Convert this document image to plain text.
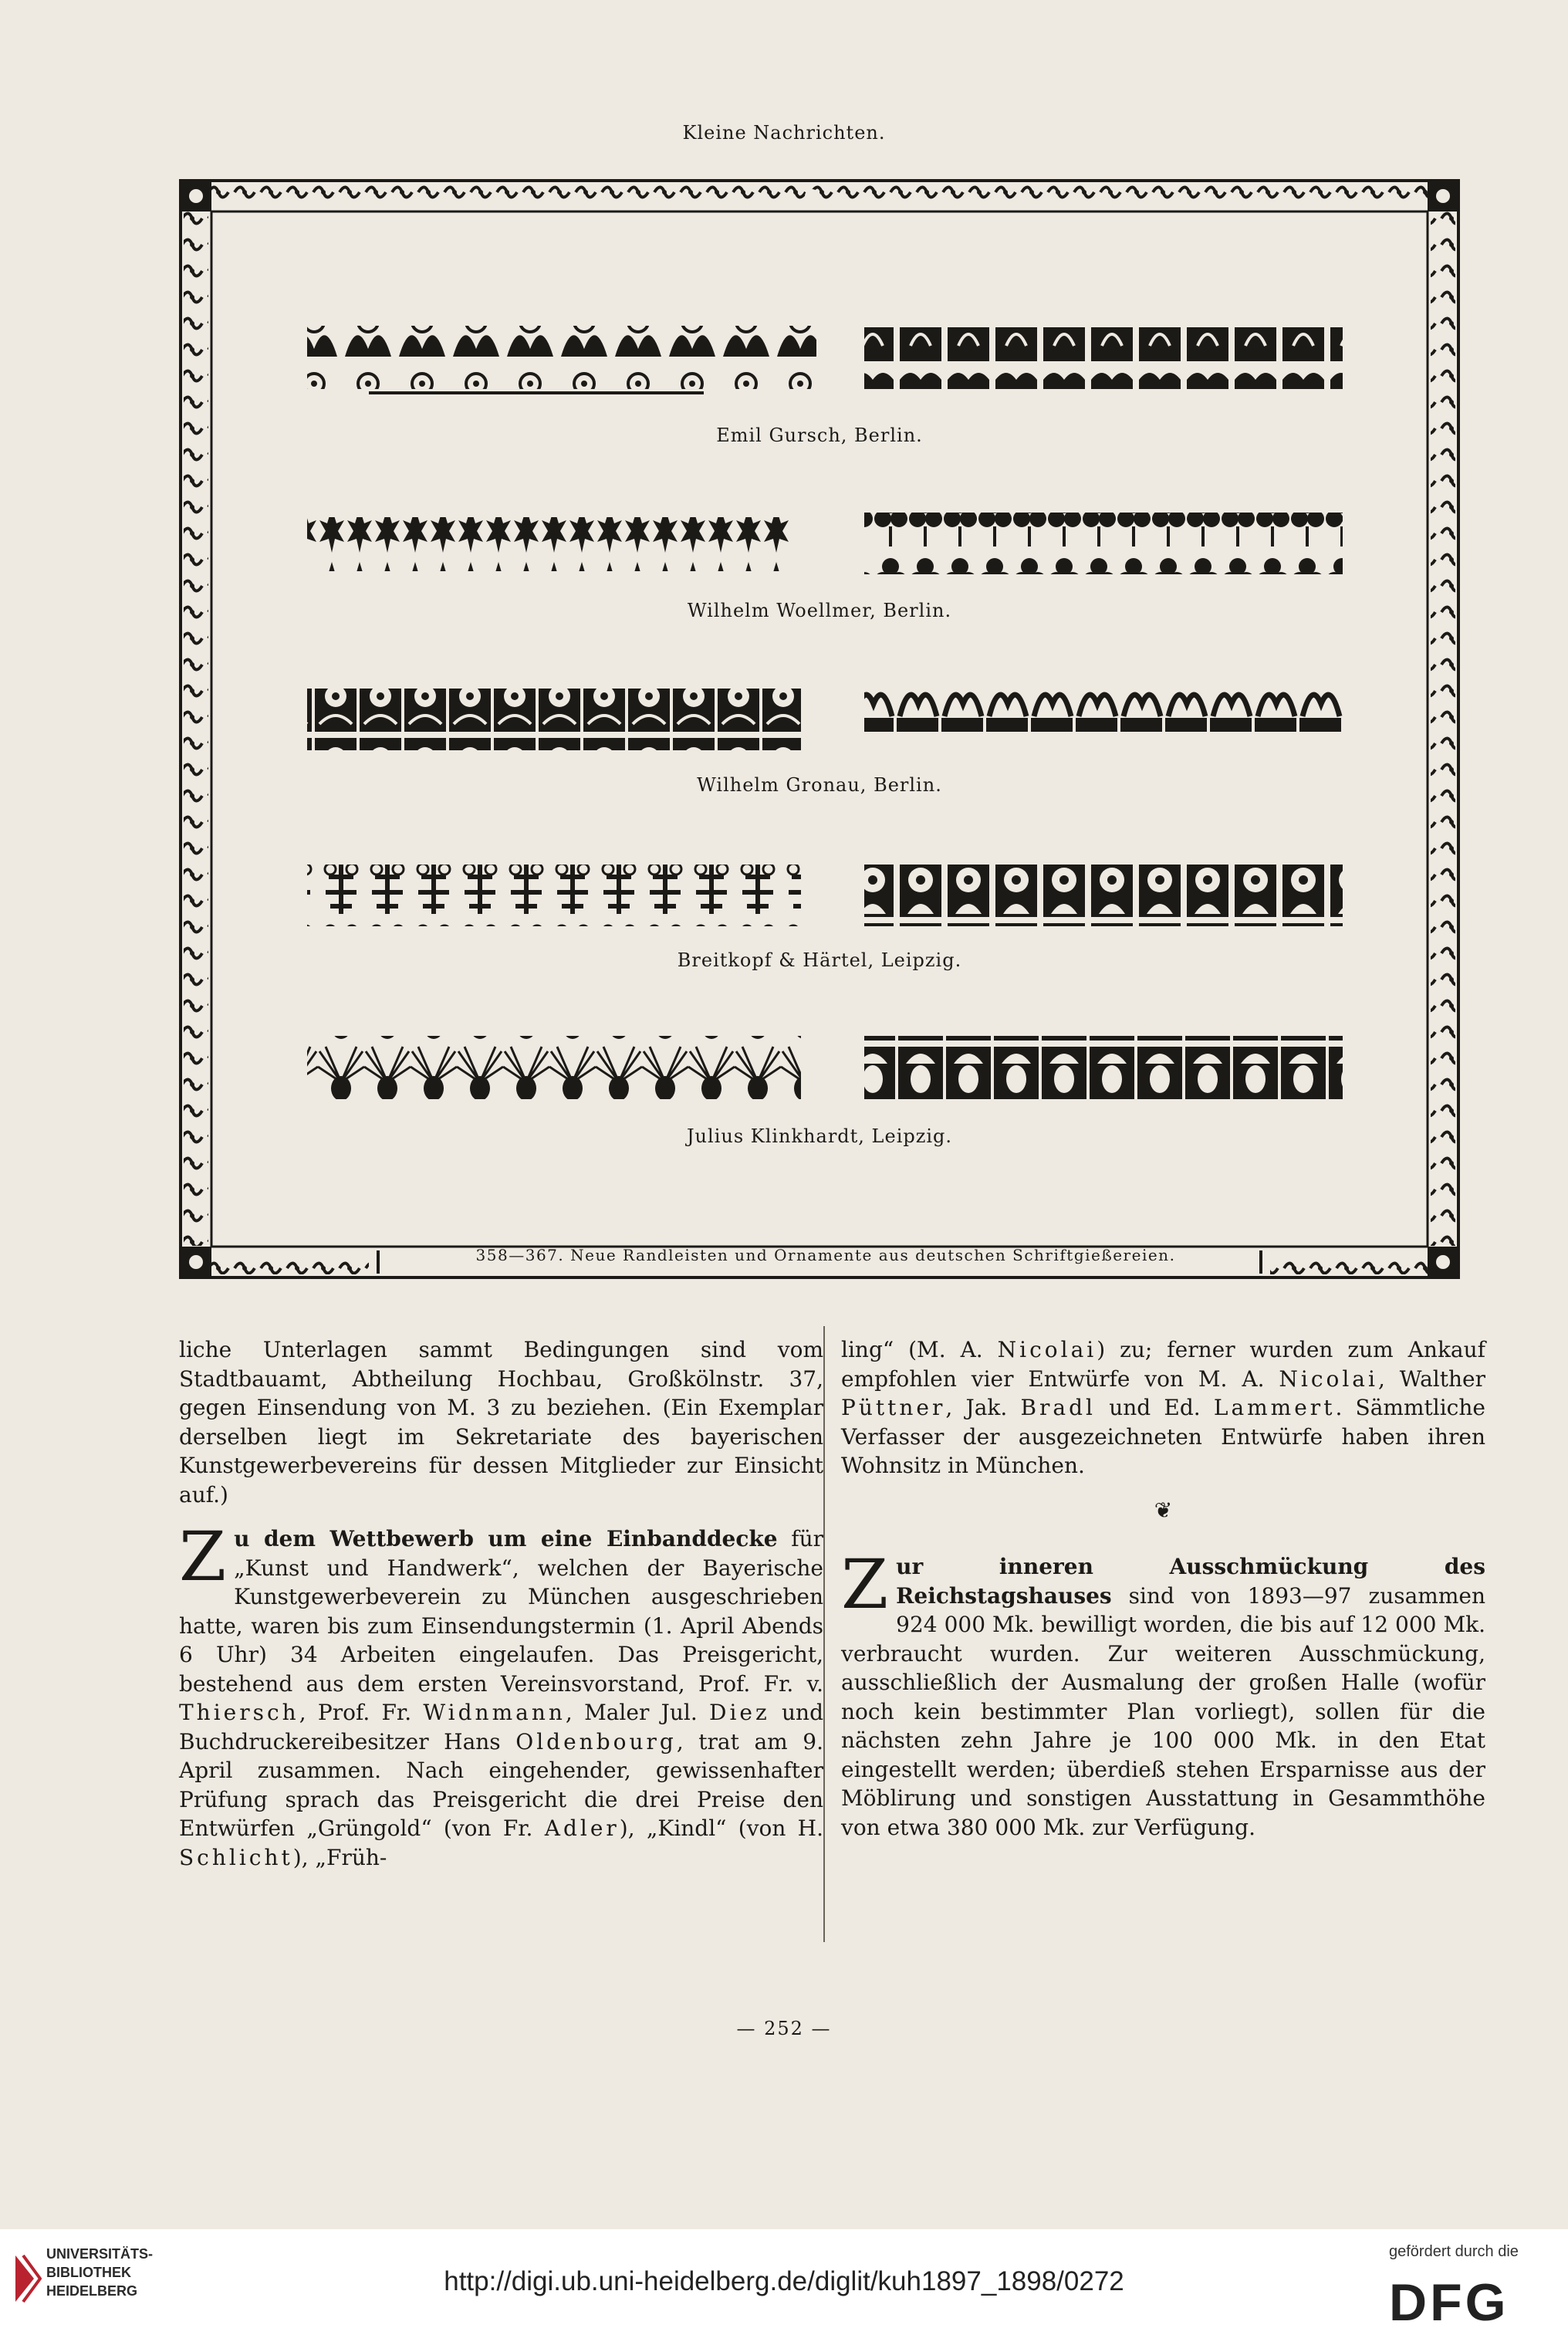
Kleine Nachrichten.
Emil Gursch, Berlin.
Wilhelm Woellmer, Berlin.
Wilhelm Gronau, Berlin.
Breitkopf & Härtel, Leipzig.
Julius Klinkhardt, Leipzig.
358—367. Neue Randleisten und Ornamente aus deutschen Schriftgießereien.

liche Unterlagen sammt Bedingungen sind vom Stadtbauamt, Abtheilung Hochbau, Großkölnstr. 37, gegen Einsendung von M. 3 zu beziehen. (Ein Exemplar derselben liegt im Sekretariate des bayerischen Kunstgewerbevereins für dessen Mitglieder zur Einsicht auf.)

Zu dem Wettbewerb um eine Einbanddecke für „Kunst und Handwerk“, welchen der Bayerische Kunstgewerbeverein zu München ausgeschrieben hatte, waren bis zum Einsendungstermin (1. April Abends 6 Uhr) 34 Arbeiten eingelaufen. Das Preisgericht, bestehend aus dem ersten Vereinsvorstand, Prof. Fr. v. Thiersch, Prof. Fr. Widnmann, Maler Jul. Diez und Buchdruckereibesitzer Hans Oldenbourg, trat am 9. April zusammen. Nach eingehender, gewissenhafter Prüfung sprach das Preisgericht die drei Preise den Entwürfen „Grüngold“ (von Fr. Adler), „Kindl“ (von H. Schlicht), „Früh-

ling“ (M. A. Nicolai) zu; ferner wurden zum Ankauf empfohlen vier Entwürfe von M. A. Nicolai, Walther Püttner, Jak. Bradl und Ed. Lammert. Sämmtliche Verfasser der ausgezeichneten Entwürfe haben ihren Wohnsitz in München.

❦

Zur inneren Ausschmückung des Reichstagshauses sind von 1893—97 zusammen 924 000 Mk. bewilligt worden, die bis auf 12 000 Mk. verbraucht wurden. Zur weiteren Ausschmückung, ausschließlich der Ausmalung der großen Halle (wofür noch kein bestimmter Plan vorliegt), sollen für die nächsten zehn Jahre je 100 000 Mk. in den Etat eingestellt werden; überdieß stehen Ersparnisse aus der Möblirung und sonstigen Ausstattung in Gesammthöhe von etwa 380 000 Mk. zur Verfügung.

— 252 —
UNIVERSITÄTS-
BIBLIOTHEK
HEIDELBERG	http://digi.ub.uni-heidelberg.de/diglit/kuh1897_1898/0272
gefördert durch die
DFG
